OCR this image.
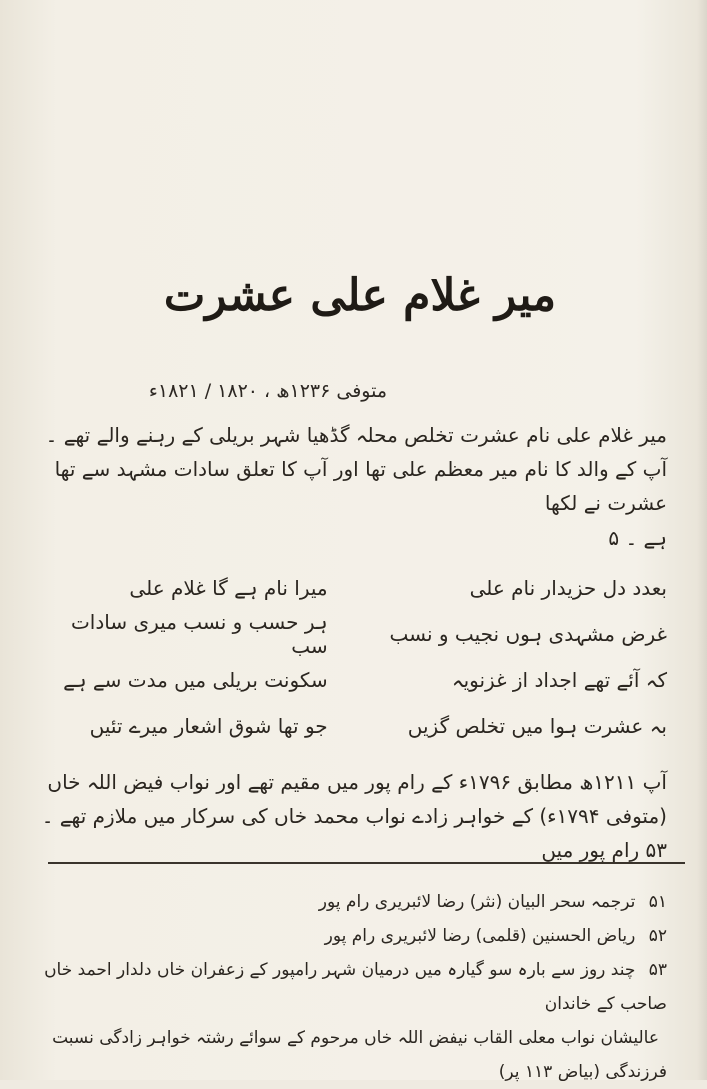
میر غلام علی عشرت
متوفی ۱۲۳۶ھ ، ۱۸۲۰ / ۱۸۲۱ء
میر غلام علی نام عشرت تخلص محلہ گڈھیا شہر بریلی کے رہنے والے تھے ۔ آپ کے والد کا نام میر معظم علی تھا اور آپ کا تعلق سادات مشہد سے تھا عشرت نے لکھا
ہے ۔ ۵
میرا نام ہے گا غلام علی	بعدد دل حزیدار نام علی
ہر حسب و نسب میری سادات سب	غرض مشہدی ہوں نجیب و نسب
سکونت بریلی میں مدت سے ہے	کہ آئے تھے اجداد از غزنویہ
جو تھا شوق اشعار میرے تئیں	بہ عشرت ہوا میں تخلص گزیں
آپ ۱۲۱۱ھ مطابق ۱۷۹۶ء کے رام پور میں مقیم تھے اور نواب فیض اللہ خاں (متوفی ۱۷۹۴ء) کے خواہر زادے نواب محمد خاں کی سرکار میں ملازم تھے ۔۵۳ رام پور میں
۵۱ ترجمہ سحر البیان (نثر) رضا لائبریری رام پور
۵۲ ریاض الحسنین (قلمی) رضا لائبریری رام پور
۵۳ چند روز سے بارہ سو گیارہ میں درمیان شہر رامپور کے زعفران خاں دلدار احمد خاں صاحب کے خاندان
عالیشان نواب معلی القاب نیفض اللہ خاں مرحوم کے سوائے رشتہ خواہر زادگی نسبت فرزندگی (بیاض ۱۱۳ پر)
